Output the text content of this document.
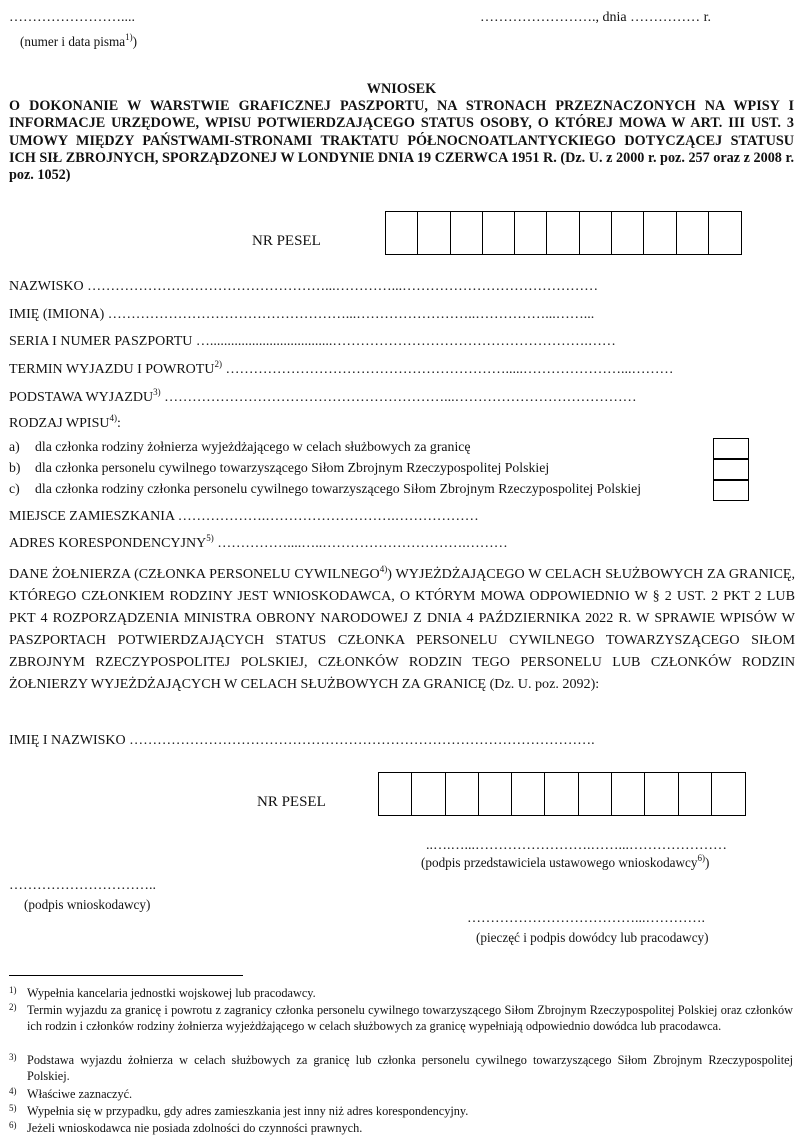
……………………....
(numer i data pisma$^{1)}$)
……………………., dnia …………… r.
WNIOSEK
O DOKONANIE W WARSTWIE GRAFICZNEJ PASZPORTU, NA STRONACH PRZEZNACZONYCH NA WPISY I INFORMACJE URZĘDOWE, WPISU POTWIERDZAJĄCEGO STATUS OSOBY, O KTÓREJ MOWA W ART. III UST. 3 UMOWY MIĘDZY PAŃSTWAMI-STRONAMI TRAKTATU PÓŁNOCNOATLANTYCKIEGO DOTYCZĄCEJ STATUSU ICH SIŁ ZBROJNYCH, SPORZĄDZONEJ W LONDYNIE DNIA 19 CZERWCA 1951 R. (Dz. U. z 2000 r. poz. 257 oraz z 2008 r. poz. 1052)
NR PESEL
NAZWISKO ……………………………………………...…………...……………………………………
IMIĘ (IMIONA) ……………………………………………...……………………..……………...……...
SERIA I NUMER PASZPORTU …...................................……………………………………………….……
TERMIN WYJAZDU I POWROTU$^{2)}$ …………………………………………………….....…………………...………
PODSTAWA WYJAZDU$^{3)}$ ……………………………………………………...…………………………………
RODZAJ WPISU$^{4)}$:
a) dla członka rodziny żołnierza wyjeżdżającego w celach służbowych za granicę
b) dla członka personelu cywilnego towarzyszącego Siłom Zbrojnym Rzeczypospolitej Polskiej
c) dla członka rodziny członka personelu cywilnego towarzyszącego Siłom Zbrojnym Rzeczypospolitej Polskiej
MIEJSCE ZAMIESZKANIA ……………….……………………….………………
ADRES KORESPONDENCYJNY$^{5)}$ ……………....…..………………………….………
DANE ŻOŁNIERZA (CZŁONKA PERSONELU CYWILNEGO$^{4)}$) WYJEŻDŻAJĄCEGO W CELACH SŁUŻBOWYCH ZA GRANICĘ, KTÓREGO CZŁONKIEM RODZINY JEST WNIOSKODAWCA, O KTÓRYM MOWA ODPOWIEDNIO W § 2 UST. 2 PKT 2 LUB PKT 4 ROZPORZĄDZENIA MINISTRA OBRONY NARODOWEJ Z DNIA 4 PAŹDZIERNIKA 2022 R. W SPRAWIE WPISÓW W PASZPORTACH POTWIERDZAJĄCYCH STATUS CZŁONKA PERSONELU CYWILNEGO TOWARZYSZĄCEGO SIŁOM ZBROJNYM RZECZYPOSPOLITEJ POLSKIEJ, CZŁONKÓW RODZIN TEGO PERSONELU LUB CZŁONKÓW RODZIN ŻOŁNIERZY WYJEŻDŻAJĄCYCH W CELACH SŁUŻBOWYCH ZA GRANICĘ (Dz. U. poz. 2092):
IMIĘ I NAZWISKO ……………………………………………………………………………………….
NR PESEL
..….…...…………………….……...…………………
(podpis przedstawiciela ustawowego wnioskodawcy$^{6)}$)
…………………………..
(podpis wnioskodawcy)
………………………………...………….
(pieczęć i podpis dowódcy lub pracodawcy)
1) Wypełnia kancelaria jednostki wojskowej lub pracodawcy.
2) Termin wyjazdu za granicę i powrotu z zagranicy członka personelu cywilnego towarzyszącego Siłom Zbrojnym Rzeczypospolitej Polskiej oraz członków ich rodzin i członków rodziny żołnierza wyjeżdżającego w celach służbowych za granicę wypełniają odpowiednio dowódca lub pracodawca.
3) Podstawa wyjazdu żołnierza w celach służbowych za granicę lub członka personelu cywilnego towarzyszącego Siłom Zbrojnym Rzeczypospolitej Polskiej.
4) Właściwe zaznaczyć.
5) Wypełnia się w przypadku, gdy adres zamieszkania jest inny niż adres korespondencyjny.
6) Jeżeli wnioskodawca nie posiada zdolności do czynności prawnych.
